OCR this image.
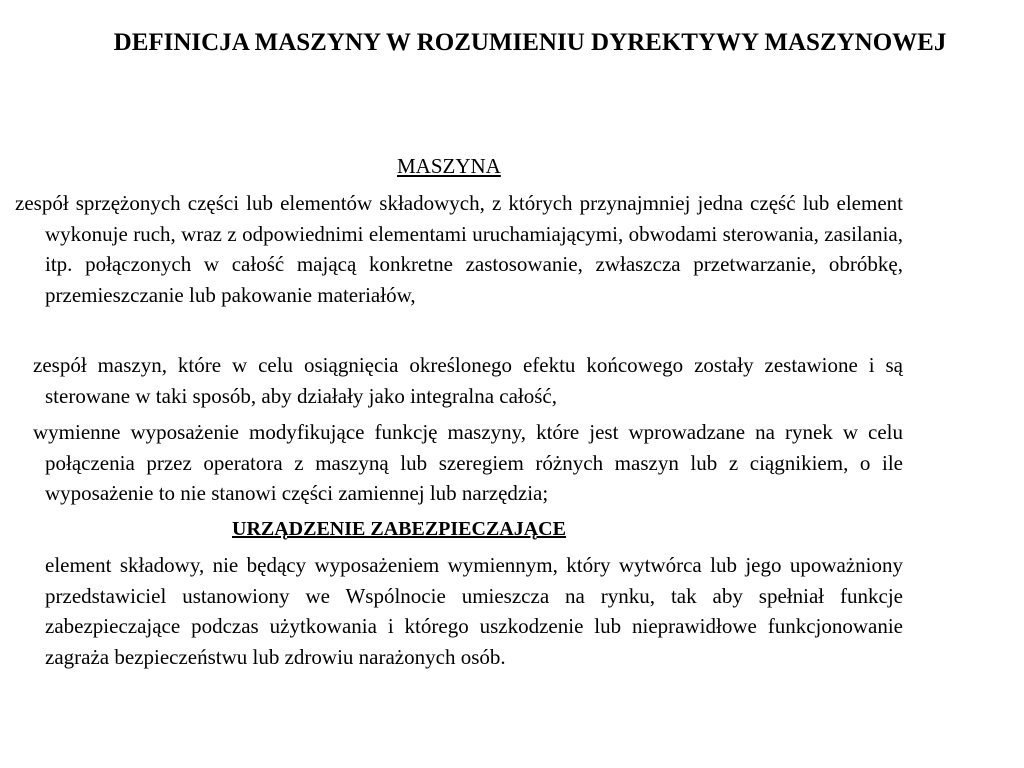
DEFINICJA MASZYNY W ROZUMIENIU DYREKTYWY MASZYNOWEJ
MASZYNA
zespół sprzężonych części lub elementów składowych, z których przynajmniej jedna część lub element wykonuje ruch, wraz z odpowiednimi elementami uruchamiającymi, obwodami sterowania, zasilania, itp. połączonych w całość mającą konkretne zastosowanie, zwłaszcza przetwarzanie, obróbkę, przemieszczanie lub pakowanie materiałów,
zespół maszyn, które w celu osiągnięcia określonego efektu końcowego zostały zestawione i są sterowane w taki sposób, aby działały jako integralna całość,
wymienne wyposażenie modyfikujące funkcję maszyny, które jest wprowadzane na rynek w celu połączenia przez operatora z maszyną lub szeregiem różnych maszyn lub z ciągnikiem, o ile wyposażenie to nie stanowi części zamiennej lub narzędzia;
URZĄDZENIE ZABEZPIECZAJĄCE
element składowy, nie będący wyposażeniem wymiennym, który wytwórca lub jego upoważniony przedstawiciel ustanowiony we Wspólnocie umieszcza na rynku, tak aby spełniał funkcje zabezpieczające podczas użytkowania i którego uszkodzenie lub nieprawidłowe funkcjonowanie zagraża bezpieczeństwu lub zdrowiu narażonych osób.
